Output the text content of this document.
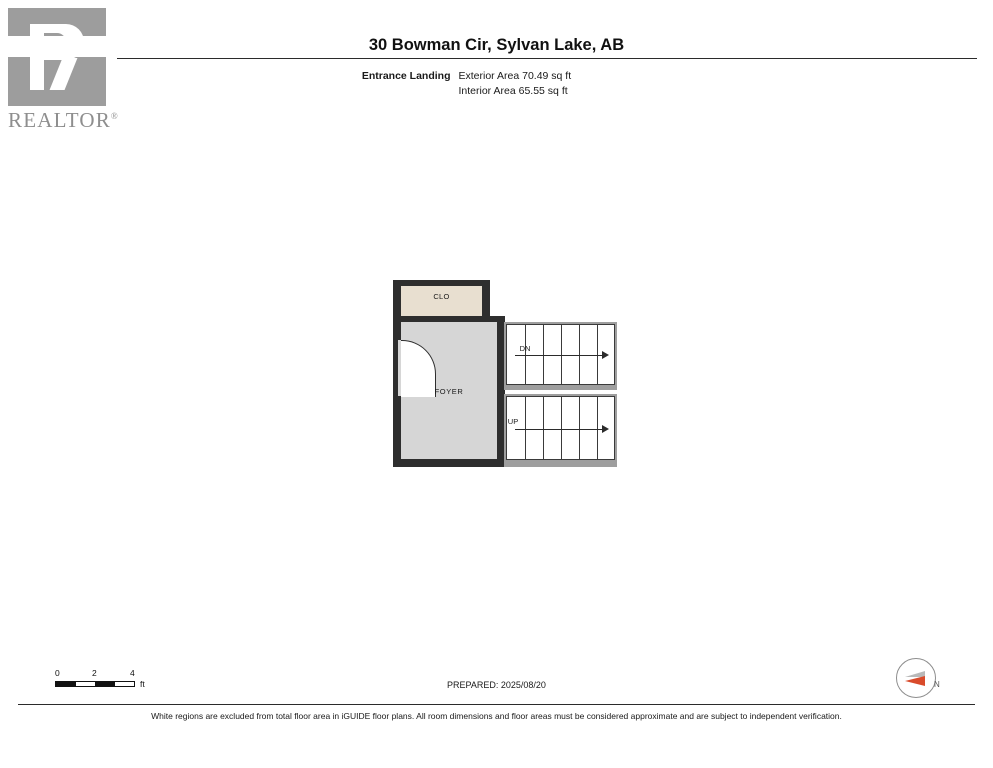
REALTOR®
30 Bowman Cir, Sylvan Lake, AB
Entrance Landing Exterior Area 70.49 sq ft
Interior Area 65.55 sq ft
CLO
FOYER
DN
UP
0	2	4
ft	PREPARED: 2025/08/20	N
White regions are excluded from total floor area in iGUIDE floor plans. All room dimensions and floor areas must be considered approximate and are subject to independent verification.
